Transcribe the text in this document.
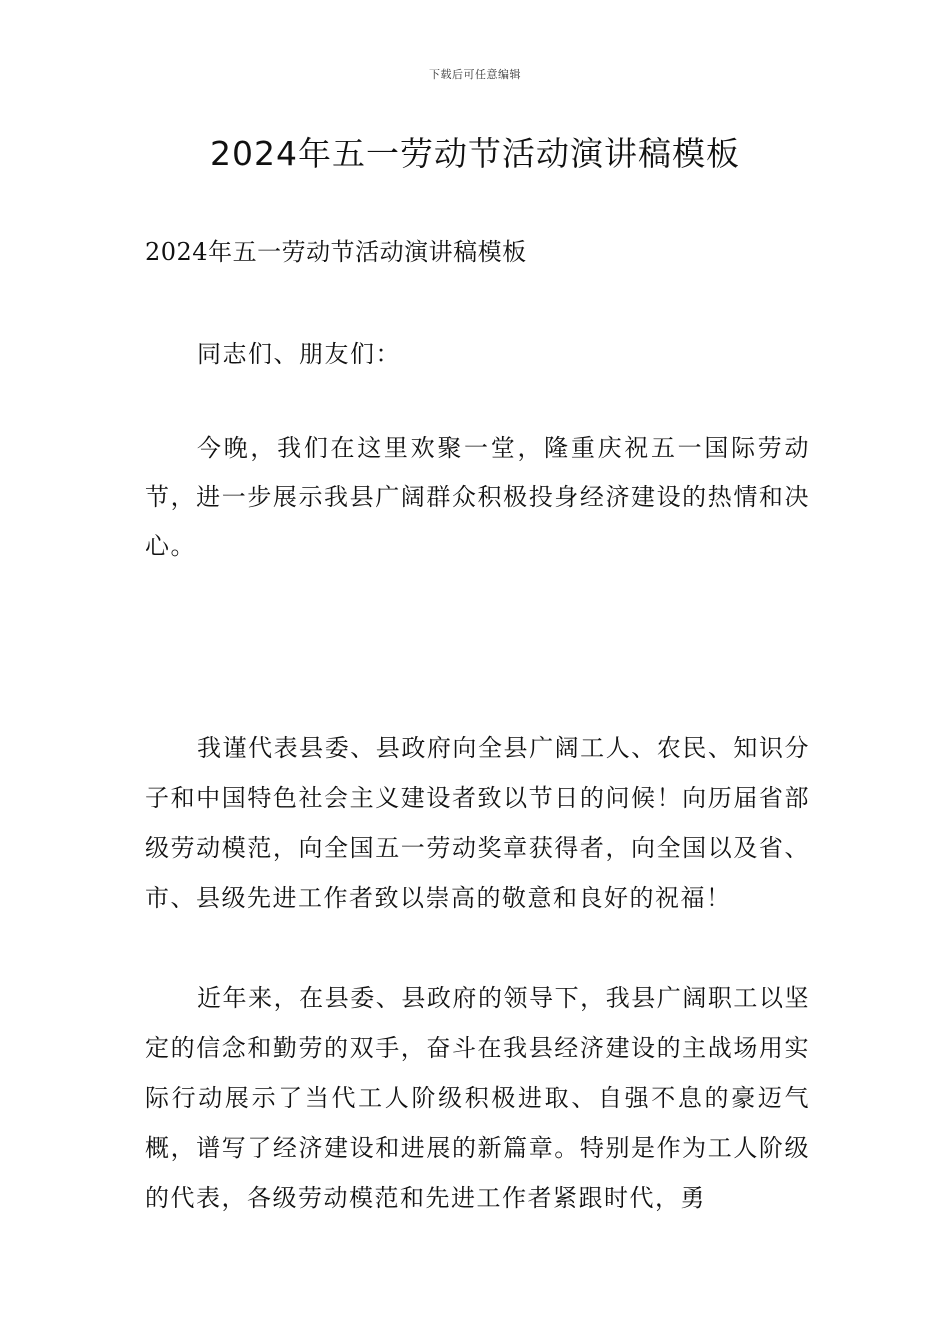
下载后可任意编辑
2024年五一劳动节活动演讲稿模板

2024年五一劳动节活动演讲稿模板

同志们、朋友们：

今晚，我们在这里欢聚一堂，隆重庆祝五一国际劳动节，进一步展示我县广阔群众积极投身经济建设的热情和决心。

我谨代表县委、县政府向全县广阔工人、农民、知识分子和中国特色社会主义建设者致以节日的问候！向历届省部级劳动模范，向全国五一劳动奖章获得者，向全国以及省、市、县级先进工作者致以崇高的敬意和良好的祝福！

近年来，在县委、县政府的领导下，我县广阔职工以坚定的信念和勤劳的双手，奋斗在我县经济建设的主战场用实际行动展示了当代工人阶级积极进取、自强不息的豪迈气概，谱写了经济建设和进展的新篇章。特别是作为工人阶级的代表，各级劳动模范和先进工作者紧跟时代，勇
